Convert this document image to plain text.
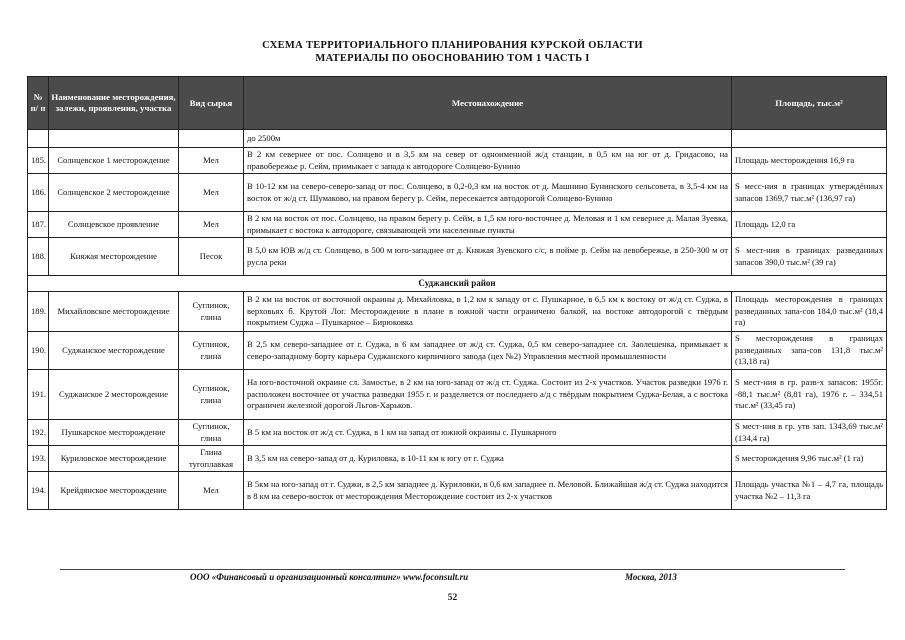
СХЕМА ТЕРРИТОРИАЛЬНОГО ПЛАНИРОВАНИЯ КУРСКОЙ ОБЛАСТИ
МАТЕРИАЛЫ ПО ОБОСНОВАНИЮ ТОМ 1 ЧАСТЬ I
№ п/ п	Наименование месторождения, залежи, проявления, участка	Вид сырья	Местонахождение	Площадь, тыс.м²
			до 2500м	
185.	Солнцевское 1 месторождение	Мел	В 2 км севернее от пос. Солнцево и в 3,5 км на север от одноименной ж/д станции, в 0,5 км на юг от д. Гридасово, на правобережье р. Сейм, примыкает с запада к автодороге Солнцево-Бунино	Площадь месторождения 16,9 га
186.	Солнцевское 2 месторождение	Мел	В 10-12 км на северо-северо-запад от пос. Солнцево, в 0,2-0,3 км на восток от д. Машнино Бунинского сельсовета, в 3,5-4 км на восток от ж/д ст. Шумаково, на правом берегу р. Сейм, пересекается автодорогой Солнцево-Бунино	S месс-ния в границах утверждённых запасов 1369,7 тыс.м² (136,97 га)
187.	Солнцевское проявление	Мел	В 2 км на восток от пос. Солнцево, на правом берегу р. Сейм, в 1,5 км юго-восточнее д. Меловая и 1 км севернее д. Малая Зуевка, примыкает с востока к автодороге, связывающей эти населенные пункты	Площадь 12,0 га
188.	Княжая месторождение	Песок	В 5,0 км ЮВ ж/д ст. Солнцево, в 500 м юго-западнее от д. Княжая Зуевского с/с, в пойме р. Сейм на левобережье, в 250-300 м от русла реки	S мест-ния в границах разведанных запасов 390,0 тыс.м² (39 га)
Суджанский район				
189.	Михайловское месторождение	Суглинок, глина	В 2 км на восток от восточной окраины д. Михайловка, в 1,2 км к западу от с. Пушкарное, в 6,5 км к востоку от ж/д ст. Суджа, в верховьях б. Крутой Лог. Месторождение в плане в южной части ограничено балкой, на востоке автодорогой с твёрдым покрытием Суджа – Пушкарное – Бирюковка	Площадь месторождения в границах разведанных запа-сов 184,0 тыс.м² (18,4 га)
190.	Суджанское месторождение	Суглинок, глина	В 2,5 км северо-западнее от г. Суджа, в 6 км западнее от ж/д ст. Суджа, 0,5 км северо-западнее сл. Заолешенка, примыкает к северо-западному борту карьера Суджанского кирпичного завода (цех №2) Управления местной промышленности	S месторождения в границах разведанных запа-сов 131,8 тыс.м² (13,18 га)
191.	Суджанское 2 месторождение	Суглинок, глина	На юго-восточной окраине сл. Замостье, в 2 км на юго-запад от ж/д ст. Суджа. Состоит из 2-х участков. Участок разведки 1976 г. расположен восточнее от участка разведки 1955 г. и разделяется от последнего а/д с твёрдым покрытием Суджа-Белая, а с востока ограничен железной дорогой Льгов-Харьков.	S мест-ния в гр. разв-х запасов: 1955г. -88,1 тыс.м² (8,81 га), 1976 г. – 334,51 тыс.м² (33,45 га)
192.	Пушкарское месторождение	Суглинок, глина	В 5 км на восток от ж/д ст. Суджа, в 1 км на запад от южной окраины с. Пушкарного	S мест-ния в гр. утв зап. 1343,69 тыс.м² (134,4 га)
193.	Куриловское месторождение	Глина тугоплавкая	В 3,5 км на северо-запад от д. Куриловка, в 10-11 км к югу от г. Суджа	S месторождения 9,96 тыс.м² (1 га)
194.	Крейдянское месторождение	Мел	В 5км на юго-запад от г. Суджи, в 2,5 км западнее д. Куриловки, в 0,6 км западнее п. Меловой. Ближайшая ж/д ст. Суджа находится в 8 км на северо-восток от месторождения Месторождение состоит из 2-х участков	Площадь участка №1 – 4,7 га, площадь участка №2 – 11,3 га
ООО «Финансовый и организационный консалтинг» www.foconsult.ru	Москва, 2013
52
